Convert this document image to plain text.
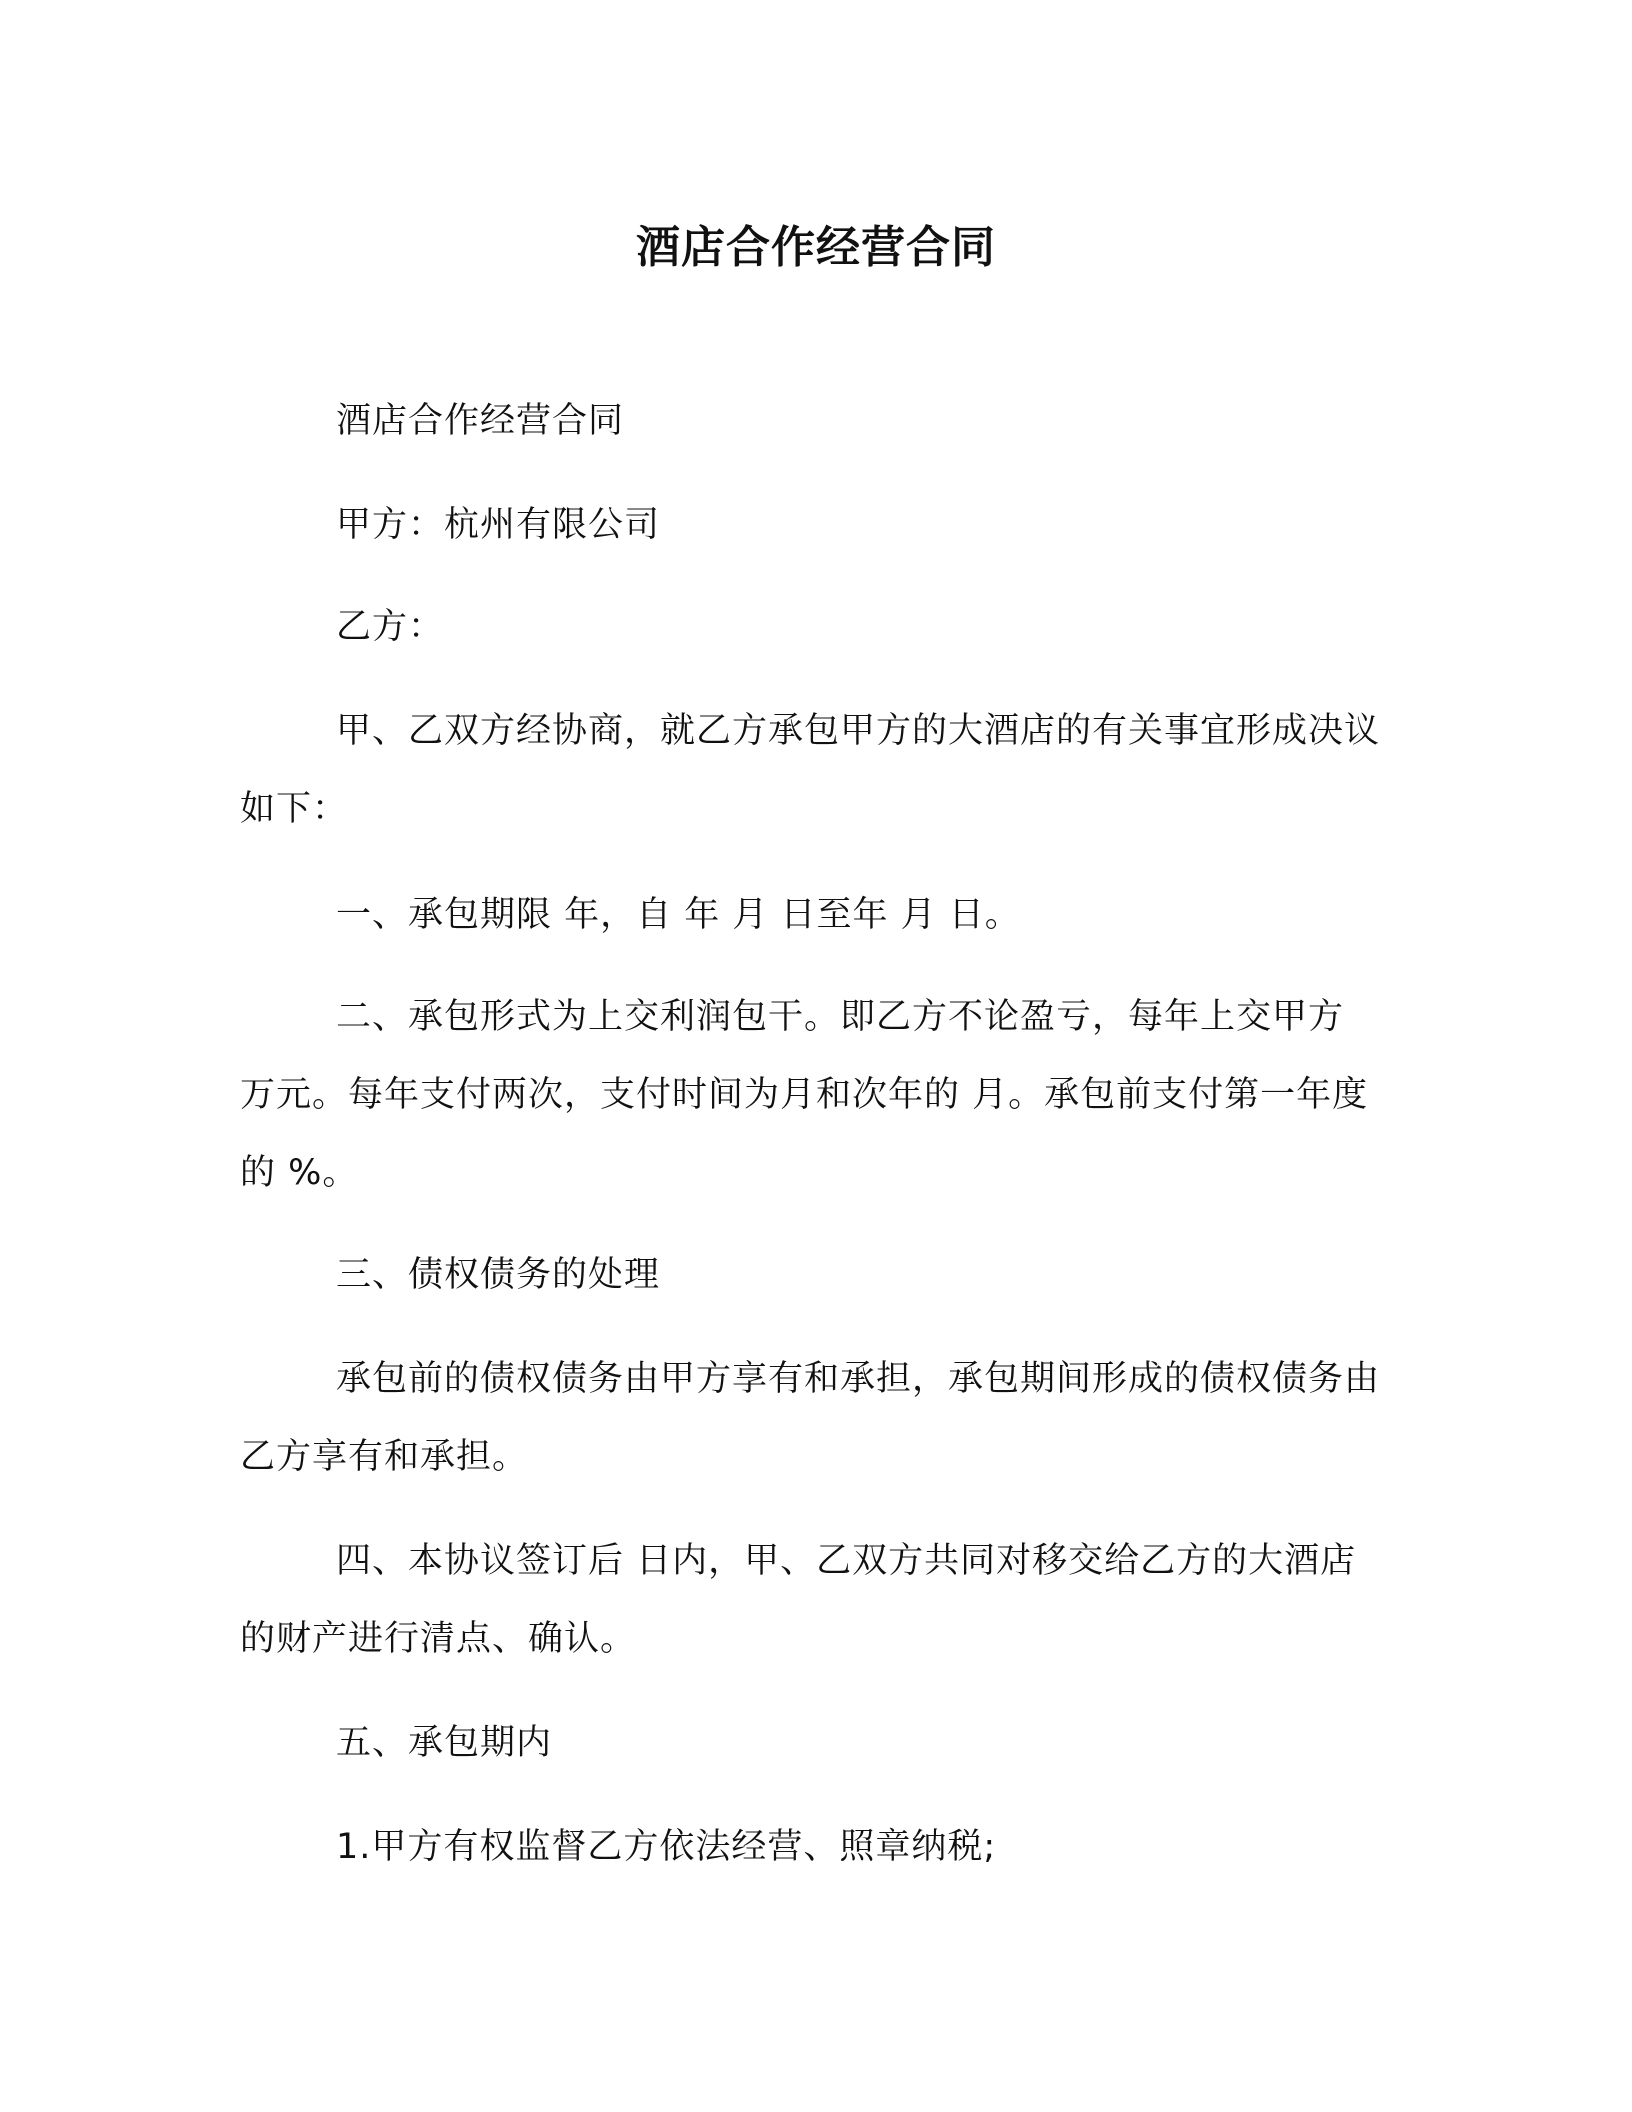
酒店合作经营合同

酒店合作经营合同

甲方：杭州有限公司

乙方：

甲、乙双方经协商，就乙方承包甲方的大酒店的有关事宜形成决议如下：

一、承包期限 年，自 年 月 日至年 月 日。

二、承包形式为上交利润包干。即乙方不论盈亏，每年上交甲方 万元。每年支付两次，支付时间为月和次年的 月。承包前支付第一年度的 %。

三、债权债务的处理

承包前的债权债务由甲方享有和承担，承包期间形成的债权债务由乙方享有和承担。

四、本协议签订后 日内，甲、乙双方共同对移交给乙方的大酒店的财产进行清点、确认。

五、承包期内

1.甲方有权监督乙方依法经营、照章纳税;
